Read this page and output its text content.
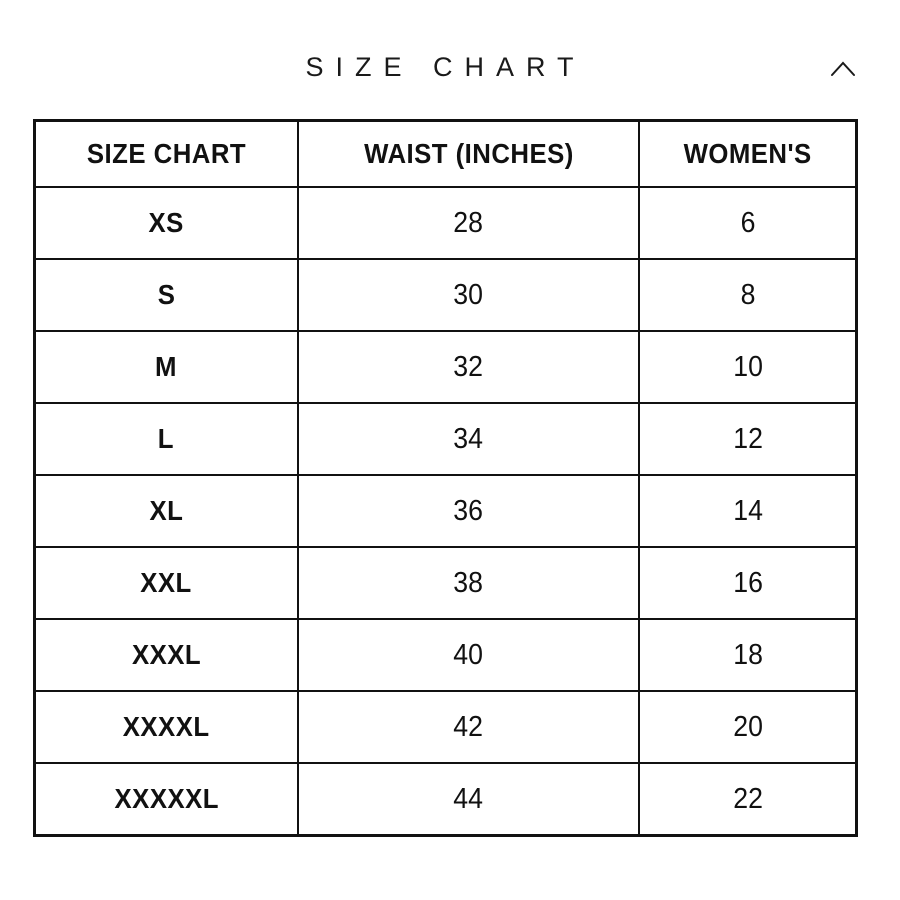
SIZE CHART
SIZE CHART	WAIST (INCHES)	WOMEN'S
XS	28	6
S	30	8
M	32	10
L	34	12
XL	36	14
XXL	38	16
XXXL	40	18
XXXXL	42	20
XXXXXL	44	22
